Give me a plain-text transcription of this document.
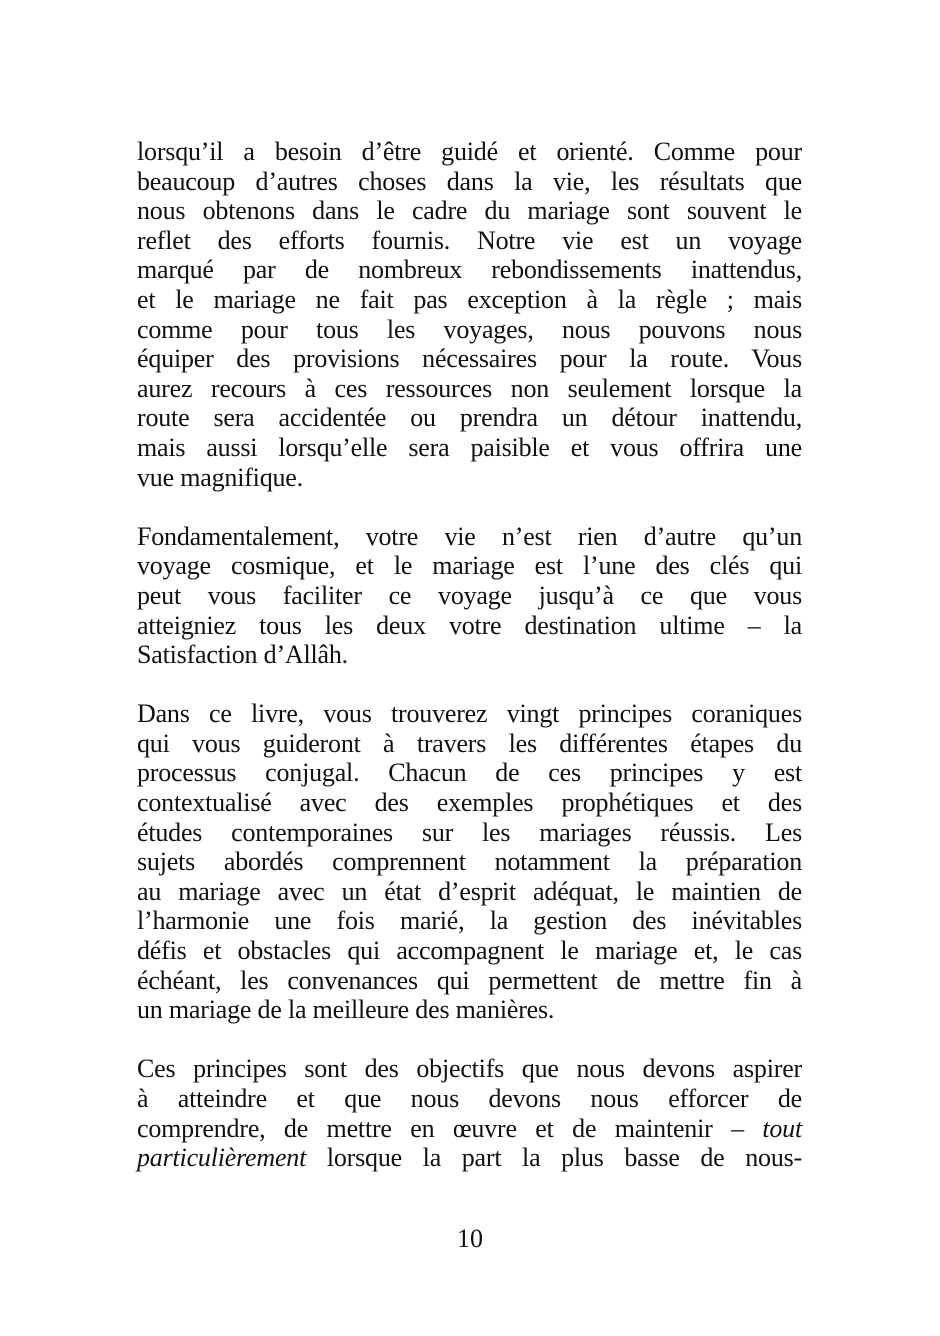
lorsqu’il a besoin d’être guidé et orienté. Comme pour
beaucoup d’autres choses dans la vie, les résultats que
nous obtenons dans le cadre du mariage sont souvent le
reflet des efforts fournis. Notre vie est un voyage
marqué par de nombreux rebondissements inattendus,
et le mariage ne fait pas exception à la règle ; mais
comme pour tous les voyages, nous pouvons nous
équiper des provisions nécessaires pour la route. Vous
aurez recours à ces ressources non seulement lorsque la
route sera accidentée ou prendra un détour inattendu,
mais aussi lorsqu’elle sera paisible et vous offrira une
vue magnifique.

Fondamentalement, votre vie n’est rien d’autre qu’un
voyage cosmique, et le mariage est l’une des clés qui
peut vous faciliter ce voyage jusqu’à ce que vous
atteigniez tous les deux votre destination ultime – la
Satisfaction d’Allâh.

Dans ce livre, vous trouverez vingt principes coraniques
qui vous guideront à travers les différentes étapes du
processus conjugal. Chacun de ces principes y est
contextualisé avec des exemples prophétiques et des
études contemporaines sur les mariages réussis. Les
sujets abordés comprennent notamment la préparation
au mariage avec un état d’esprit adéquat, le maintien de
l’harmonie une fois marié, la gestion des inévitables
défis et obstacles qui accompagnent le mariage et, le cas
échéant, les convenances qui permettent de mettre fin à
un mariage de la meilleure des manières.

Ces principes sont des objectifs que nous devons aspirer
à atteindre et que nous devons nous efforcer de
comprendre, de mettre en œuvre et de maintenir – tout
particulièrement lorsque la part la plus basse de nous-

10
